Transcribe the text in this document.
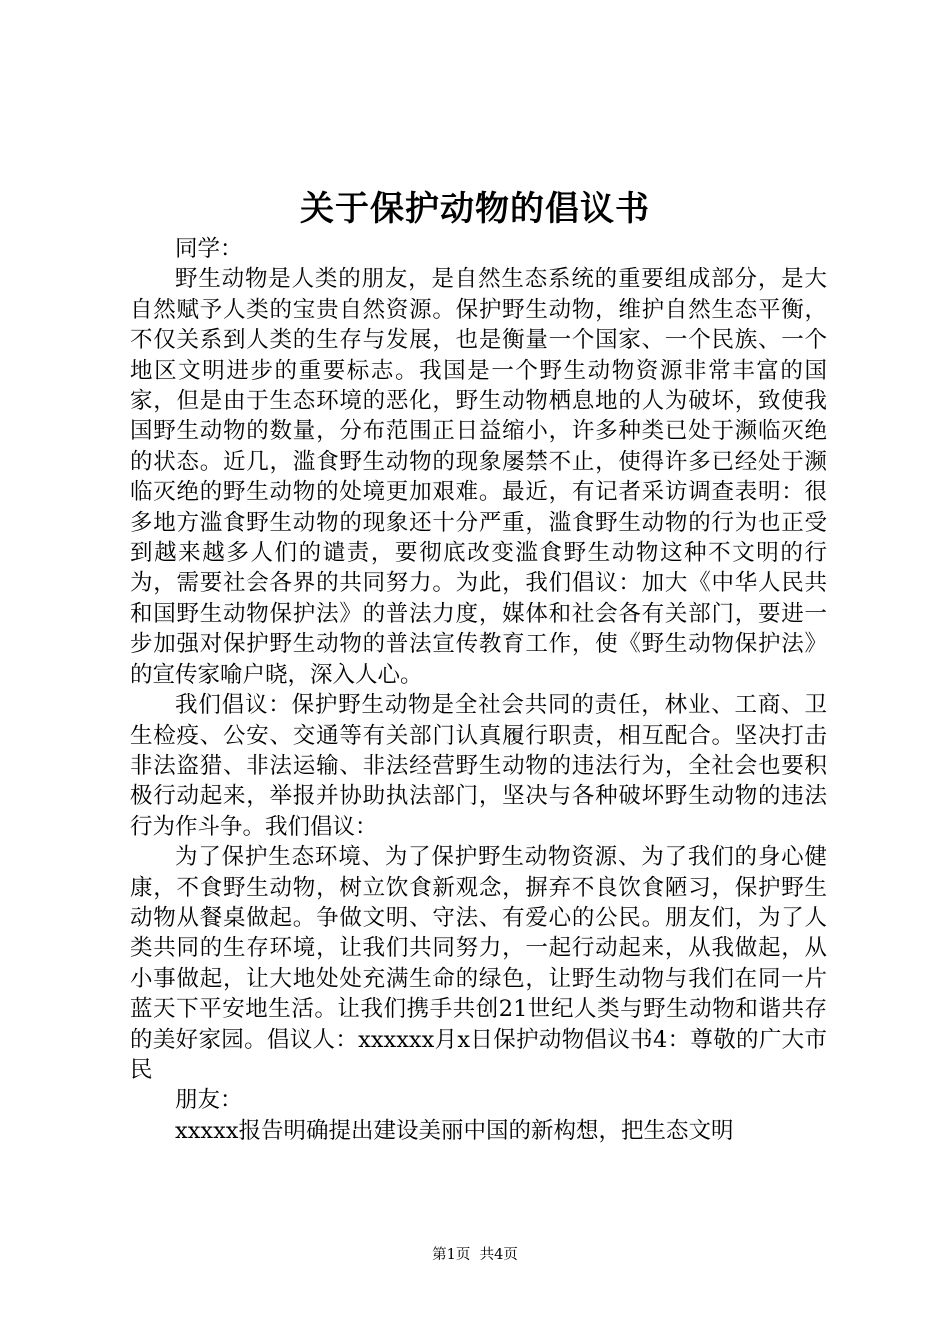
关于保护动物的倡议书

同学：

野生动物是人类的朋友，是自然生态系统的重要组成部分，是大自然赋予人类的宝贵自然资源。保护野生动物，维护自然生态平衡，不仅关系到人类的生存与发展，也是衡量一个国家、一个民族、一个地区文明进步的重要标志。我国是一个野生动物资源非常丰富的国家，但是由于生态环境的恶化，野生动物栖息地的人为破坏，致使我国野生动物的数量，分布范围正日益缩小，许多种类已处于濒临灭绝的状态。近几，滥食野生动物的现象屡禁不止，使得许多已经处于濒临灭绝的野生动物的处境更加艰难。最近，有记者采访调查表明：很多地方滥食野生动物的现象还十分严重，滥食野生动物的行为也正受到越来越多人们的谴责，要彻底改变滥食野生动物这种不文明的行为，需要社会各界的共同努力。为此，我们倡议：加大《中华人民共和国野生动物保护法》的普法力度，媒体和社会各有关部门，要进一步加强对保护野生动物的普法宣传教育工作，使《野生动物保护法》的宣传家喻户晓，深入人心。

我们倡议：保护野生动物是全社会共同的责任，林业、工商、卫生检疫、公安、交通等有关部门认真履行职责，相互配合。坚决打击非法盗猎、非法运输、非法经营野生动物的违法行为，全社会也要积极行动起来，举报并协助执法部门，坚决与各种破坏野生动物的违法行为作斗争。我们倡议：

为了保护生态环境、为了保护野生动物资源、为了我们的身心健康，不食野生动物，树立饮食新观念，摒弃不良饮食陋习，保护野生动物从餐桌做起。争做文明、守法、有爱心的公民。朋友们，为了人类共同的生存环境，让我们共同努力，一起行动起来，从我做起，从小事做起，让大地处处充满生命的绿色，让野生动物与我们在同一片蓝天下平安地生活。让我们携手共创21世纪人类与野生动物和谐共存的美好家园。倡议人：xxxxxx月x日保护动物倡议书4：尊敬的广大市民

朋友：

xxxxx报告明确提出建设美丽中国的新构想，把生态文明

第1页  共4页
